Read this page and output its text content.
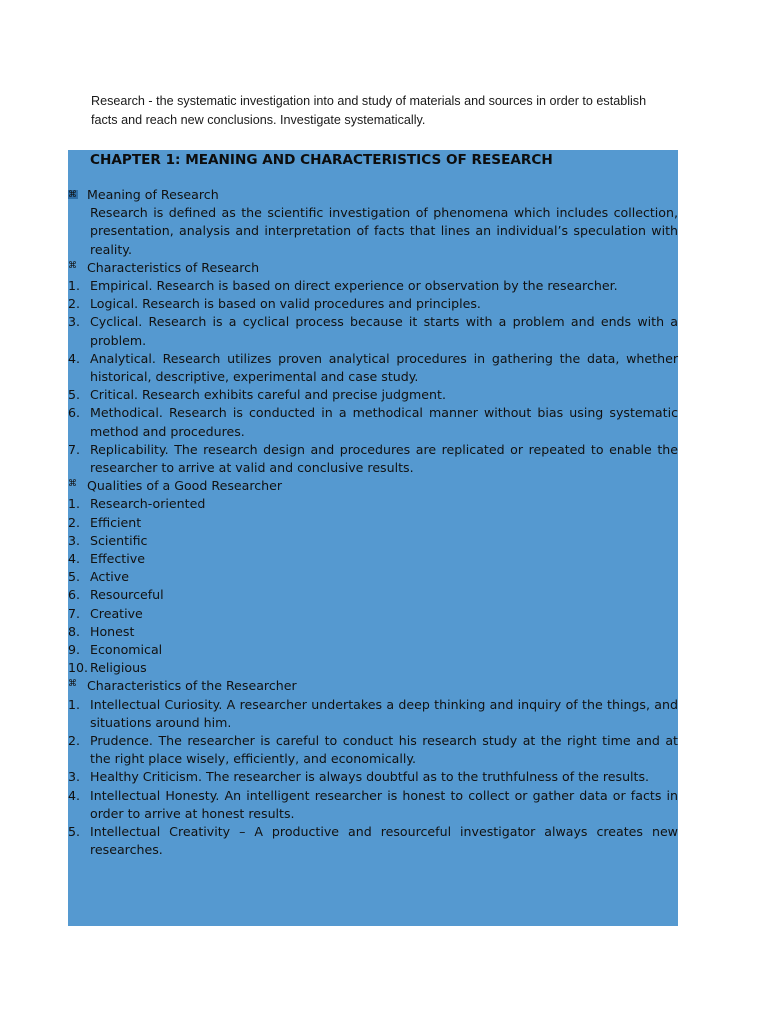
Research - the systematic investigation into and study of materials and sources in order to establish facts and reach new conclusions. Investigate systematically.
CHAPTER 1: MEANING AND CHARACTERISTICS OF RESEARCH
⌘ Meaning of Research
Research is defined as the scientific investigation of phenomena which includes collection, presentation, analysis and interpretation of facts that lines an individual’s speculation with reality.
⌘ Characteristics of Research
1. Empirical. Research is based on direct experience or observation by the researcher.
2. Logical. Research is based on valid procedures and principles.
3. Cyclical. Research is a cyclical process because it starts with a problem and ends with a problem.
4. Analytical. Research utilizes proven analytical procedures in gathering the data, whether historical, descriptive, experimental and case study.
5. Critical. Research exhibits careful and precise judgment.
6. Methodical. Research is conducted in a methodical manner without bias using systematic method and procedures.
7. Replicability. The research design and procedures are replicated or repeated to enable the researcher to arrive at valid and conclusive results.
⌘ Qualities of a Good Researcher
1. Research-oriented
2. Efficient
3. Scientific
4. Effective
5. Active
6. Resourceful
7. Creative
8. Honest
9. Economical
10. Religious
⌘ Characteristics of the Researcher
1. Intellectual Curiosity. A researcher undertakes a deep thinking and inquiry of the things, and situations around him.
2. Prudence. The researcher is careful to conduct his research study at the right time and at the right place wisely, efficiently, and economically.
3. Healthy Criticism. The researcher is always doubtful as to the truthfulness of the results.
4. Intellectual Honesty. An intelligent researcher is honest to collect or gather data or facts in order to arrive at honest results.
5. Intellectual Creativity – A productive and resourceful investigator always creates new researches.
